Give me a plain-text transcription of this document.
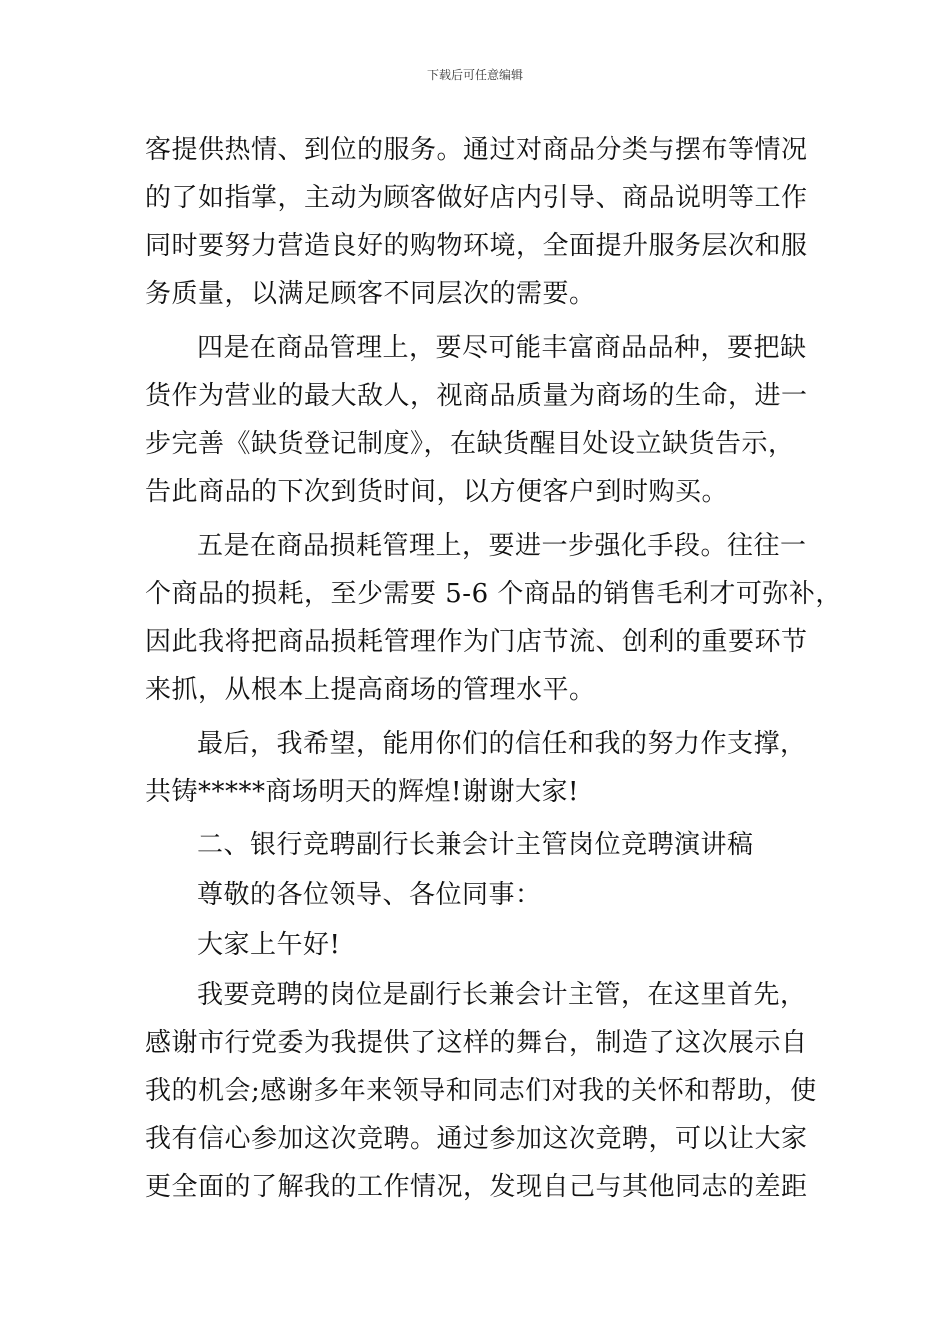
下载后可任意编辑
客提供热情、到位的服务。通过对商品分类与摆布等情况
的了如指掌，主动为顾客做好店内引导、商品说明等工作
同时要努力营造良好的购物环境，全面提升服务层次和服
务质量，以满足顾客不同层次的需要。
四是在商品管理上，要尽可能丰富商品品种，要把缺
货作为营业的最大敌人，视商品质量为商场的生命，进一
步完善《缺货登记制度》，在缺货醒目处设立缺货告示，
告此商品的下次到货时间，以方便客户到时购买。
五是在商品损耗管理上，要进一步强化手段。往往一
个商品的损耗，至少需要 5-6 个商品的销售毛利才可弥补，
因此我将把商品损耗管理作为门店节流、创利的重要环节
来抓，从根本上提高商场的管理水平。
最后，我希望，能用你们的信任和我的努力作支撑，
共铸*****商场明天的辉煌!谢谢大家!
二、银行竞聘副行长兼会计主管岗位竞聘演讲稿
尊敬的各位领导、各位同事：
大家上午好!
我要竞聘的岗位是副行长兼会计主管，在这里首先，
感谢市行党委为我提供了这样的舞台，制造了这次展示自
我的机会;感谢多年来领导和同志们对我的关怀和帮助，使
我有信心参加这次竞聘。通过参加这次竞聘，可以让大家
更全面的了解我的工作情况，发现自己与其他同志的差距
